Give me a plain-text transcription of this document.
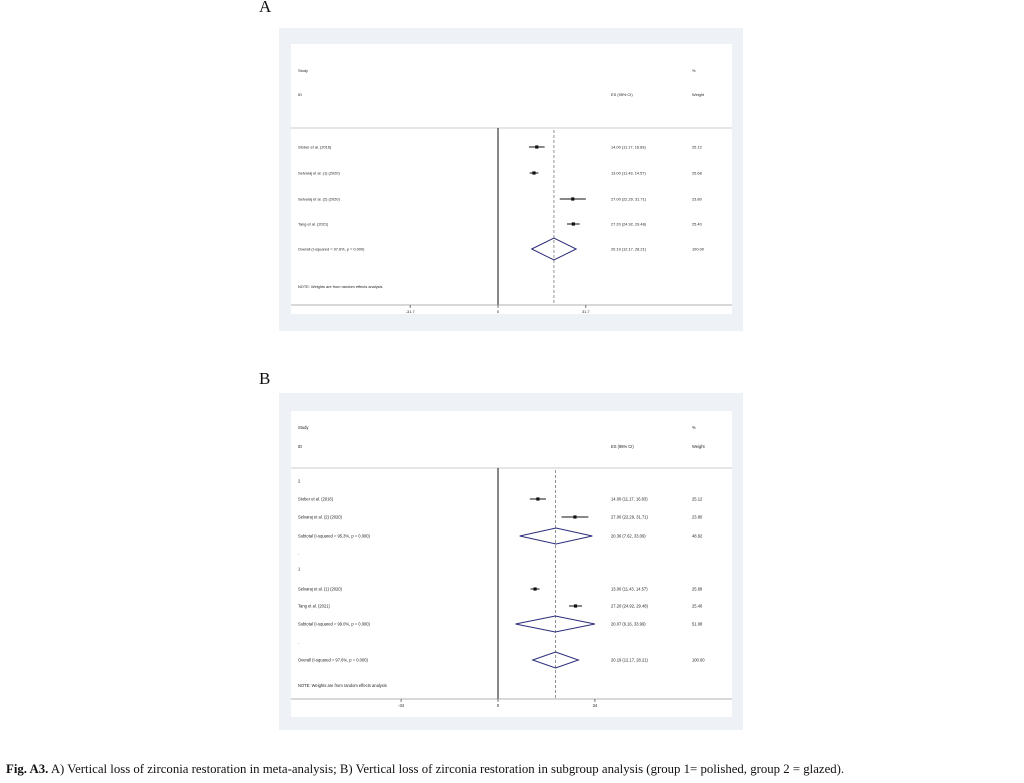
A
Study
ID	ES (95% CI)
%
Weight
Stober et al. (2016)	14.00 (11.17, 16.83)	25.12
Selvaraj et al. (1) (2020)	13.00 (11.43, 14.57)	25.68
Selvaraj et al. (2) (2020)	27.00 (22.29, 31.71)	23.80
Tang et al. (2021)	27.20 (24.92, 29.48)	25.40
Overall (I-squared = 97.6%, p = 0.000)	20.19 (12.17, 28.21)	100.00
NOTE: Weights are from random effects analysis
-31.7	0	31.7
B
Study
ID	ES (95% CI)
%
Weight
2
Stober et al. (2016)	14.00 (11.17, 16.83)	25.12
Selvaraj et al. (2) (2020)	27.00 (22.29, 31.71)	23.80
Subtotal (I-squared = 95.3%, p = 0.000)	20.36 (7.62, 33.09)	48.92
.
1
Selvaraj et al. (1) (2020)	13.00 (11.43, 14.57)	25.68
Tang et al. (2021)	27.20 (24.92, 29.48)	25.40
Subtotal (I-squared = 99.0%, p = 0.000)	20.07 (6.16, 33.99)	51.08
.
Overall (I-squared = 97.6%, p = 0.000)	20.19 (12.17, 28.21)	100.00
NOTE: Weights are from random effects analysis
-34	0	34
Fig. A3. A) Vertical loss of zirconia restoration in meta-analysis; B) Vertical loss of zirconia restoration in subgroup analysis (group 1= polished, group 2 = glazed).
